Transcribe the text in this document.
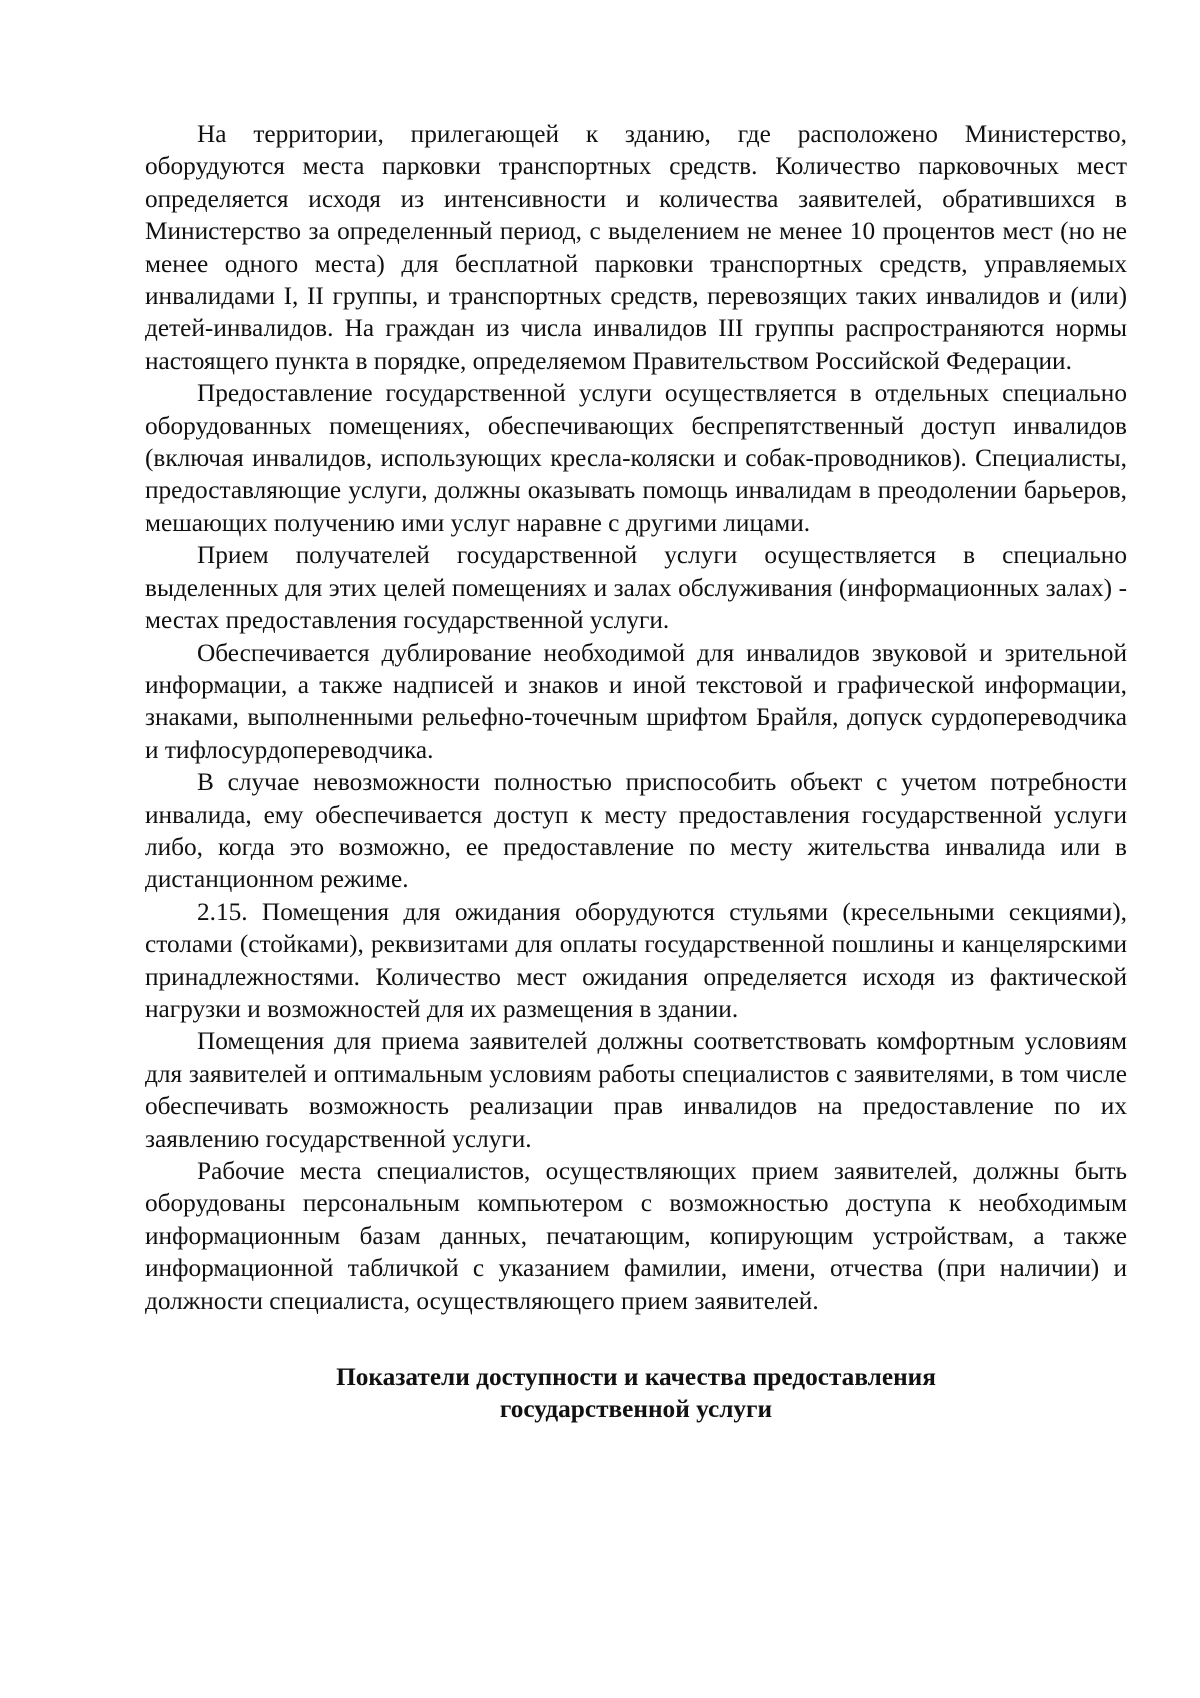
На территории, прилегающей к зданию, где расположено Министерство, оборудуются места парковки транспортных средств. Количество парковочных мест определяется исходя из интенсивности и количества заявителей, обратившихся в Министерство за определенный период, с выделением не менее 10 процентов мест (но не менее одного места) для бесплатной парковки транспортных средств, управляемых инвалидами I, II группы, и транспортных средств, перевозящих таких инвалидов и (или) детей-инвалидов. На граждан из числа инвалидов III группы распространяются нормы настоящего пункта в порядке, определяемом Правительством Российской Федерации.

Предоставление государственной услуги осуществляется в отдельных специально оборудованных помещениях, обеспечивающих беспрепятственный доступ инвалидов (включая инвалидов, использующих кресла-коляски и собак-проводников). Специалисты, предоставляющие услуги, должны оказывать помощь инвалидам в преодолении барьеров, мешающих получению ими услуг наравне с другими лицами.

Прием получателей государственной услуги осуществляется в специально выделенных для этих целей помещениях и залах обслуживания (информационных залах) - местах предоставления государственной услуги.

Обеспечивается дублирование необходимой для инвалидов звуковой и зрительной информации, а также надписей и знаков и иной текстовой и графической информации, знаками, выполненными рельефно-точечным шрифтом Брайля, допуск сурдопереводчика и тифлосурдопереводчика.

В случае невозможности полностью приспособить объект с учетом потребности инвалида, ему обеспечивается доступ к месту предоставления государственной услуги либо, когда это возможно, ее предоставление по месту жительства инвалида или в дистанционном режиме.

2.15. Помещения для ожидания оборудуются стульями (кресельными секциями), столами (стойками), реквизитами для оплаты государственной пошлины и канцелярскими принадлежностями. Количество мест ожидания определяется исходя из фактической нагрузки и возможностей для их размещения в здании.

Помещения для приема заявителей должны соответствовать комфортным условиям для заявителей и оптимальным условиям работы специалистов с заявителями, в том числе обеспечивать возможность реализации прав инвалидов на предоставление по их заявлению государственной услуги.

Рабочие места специалистов, осуществляющих прием заявителей, должны быть оборудованы персональным компьютером с возможностью доступа к необходимым информационным базам данных, печатающим, копирующим устройствам, а также информационной табличкой с указанием фамилии, имени, отчества (при наличии) и должности специалиста, осуществляющего прием заявителей.

Показатели доступности и качества предоставления

государственной услуги
